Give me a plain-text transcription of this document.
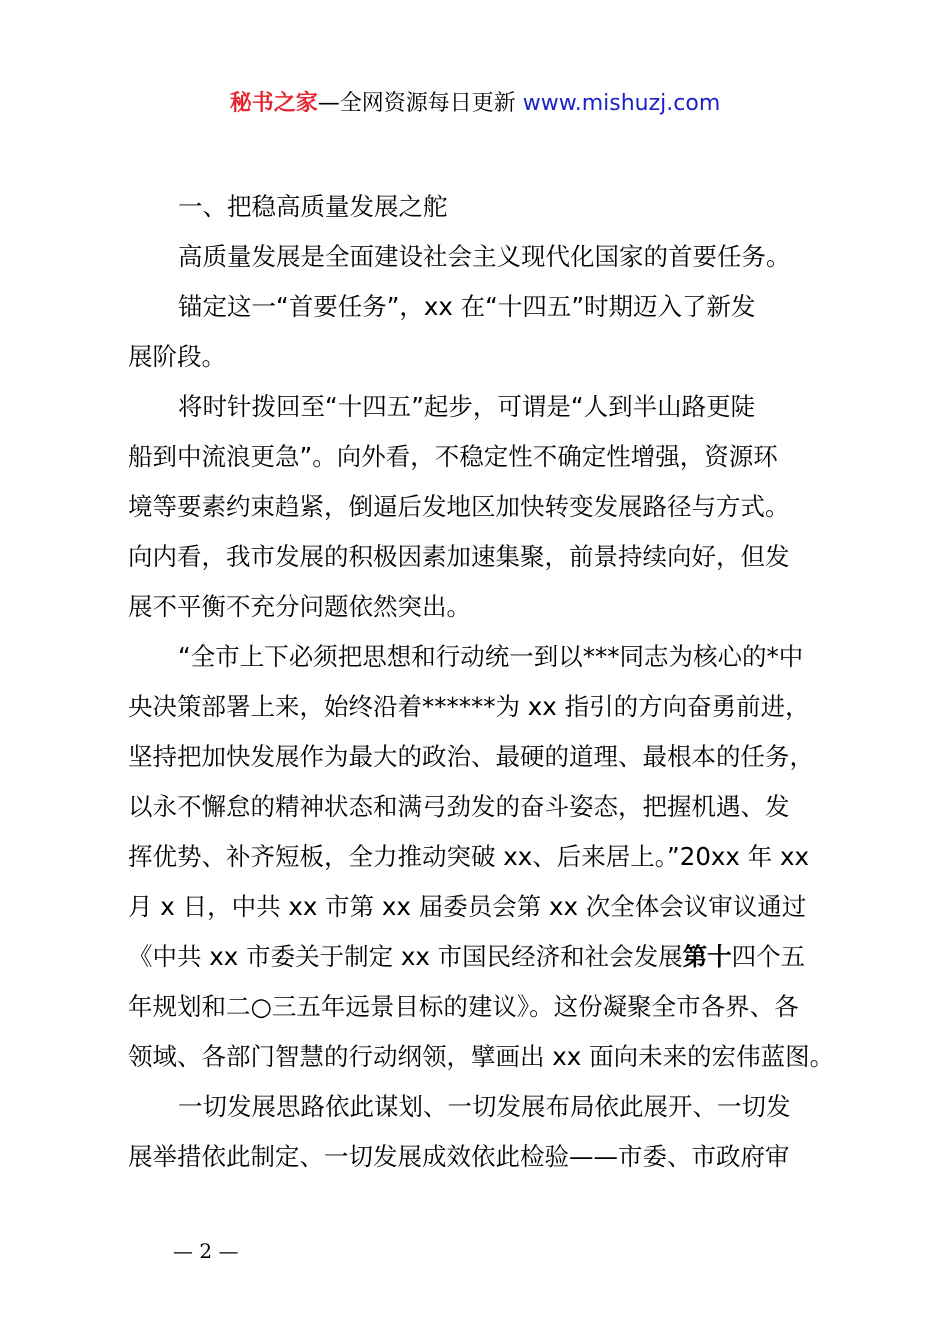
秘书之家—全网资源每日更新 www.mishuzj.com
一、把稳高质量发展之舵
高质量发展是全面建设社会主义现代化国家的首要任务。
锚定这一“首要任务”，xx 在“十四五”时期迈入了新发
展阶段。
将时针拨回至“十四五”起步，可谓是“人到半山路更陡
船到中流浪更急”。向外看，不稳定性不确定性增强，资源环
境等要素约束趋紧，倒逼后发地区加快转变发展路径与方式。
向内看，我市发展的积极因素加速集聚，前景持续向好，但发
展不平衡不充分问题依然突出。
“全市上下必须把思想和行动统一到以***同志为核心的*中
央决策部署上来，始终沿着******为 xx 指引的方向奋勇前进，
坚持把加快发展作为最大的政治、最硬的道理、最根本的任务，
以永不懈怠的精神状态和满弓劲发的奋斗姿态，把握机遇、发
挥优势、补齐短板，全力推动突破 xx、后来居上。”20xx 年 xx
月 x 日，中共 xx 市第 xx 届委员会第 xx 次全体会议审议通过
《中共 xx 市委关于制定 xx 市国民经济和社会发展第十四个五
年规划和二○三五年远景目标的建议》。这份凝聚全市各界、各
领域、各部门智慧的行动纲领，擘画出 xx 面向未来的宏伟蓝图。
一切发展思路依此谋划、一切发展布局依此展开、一切发
展举措依此制定、一切发展成效依此检验——市委、市政府审
— 2 —
